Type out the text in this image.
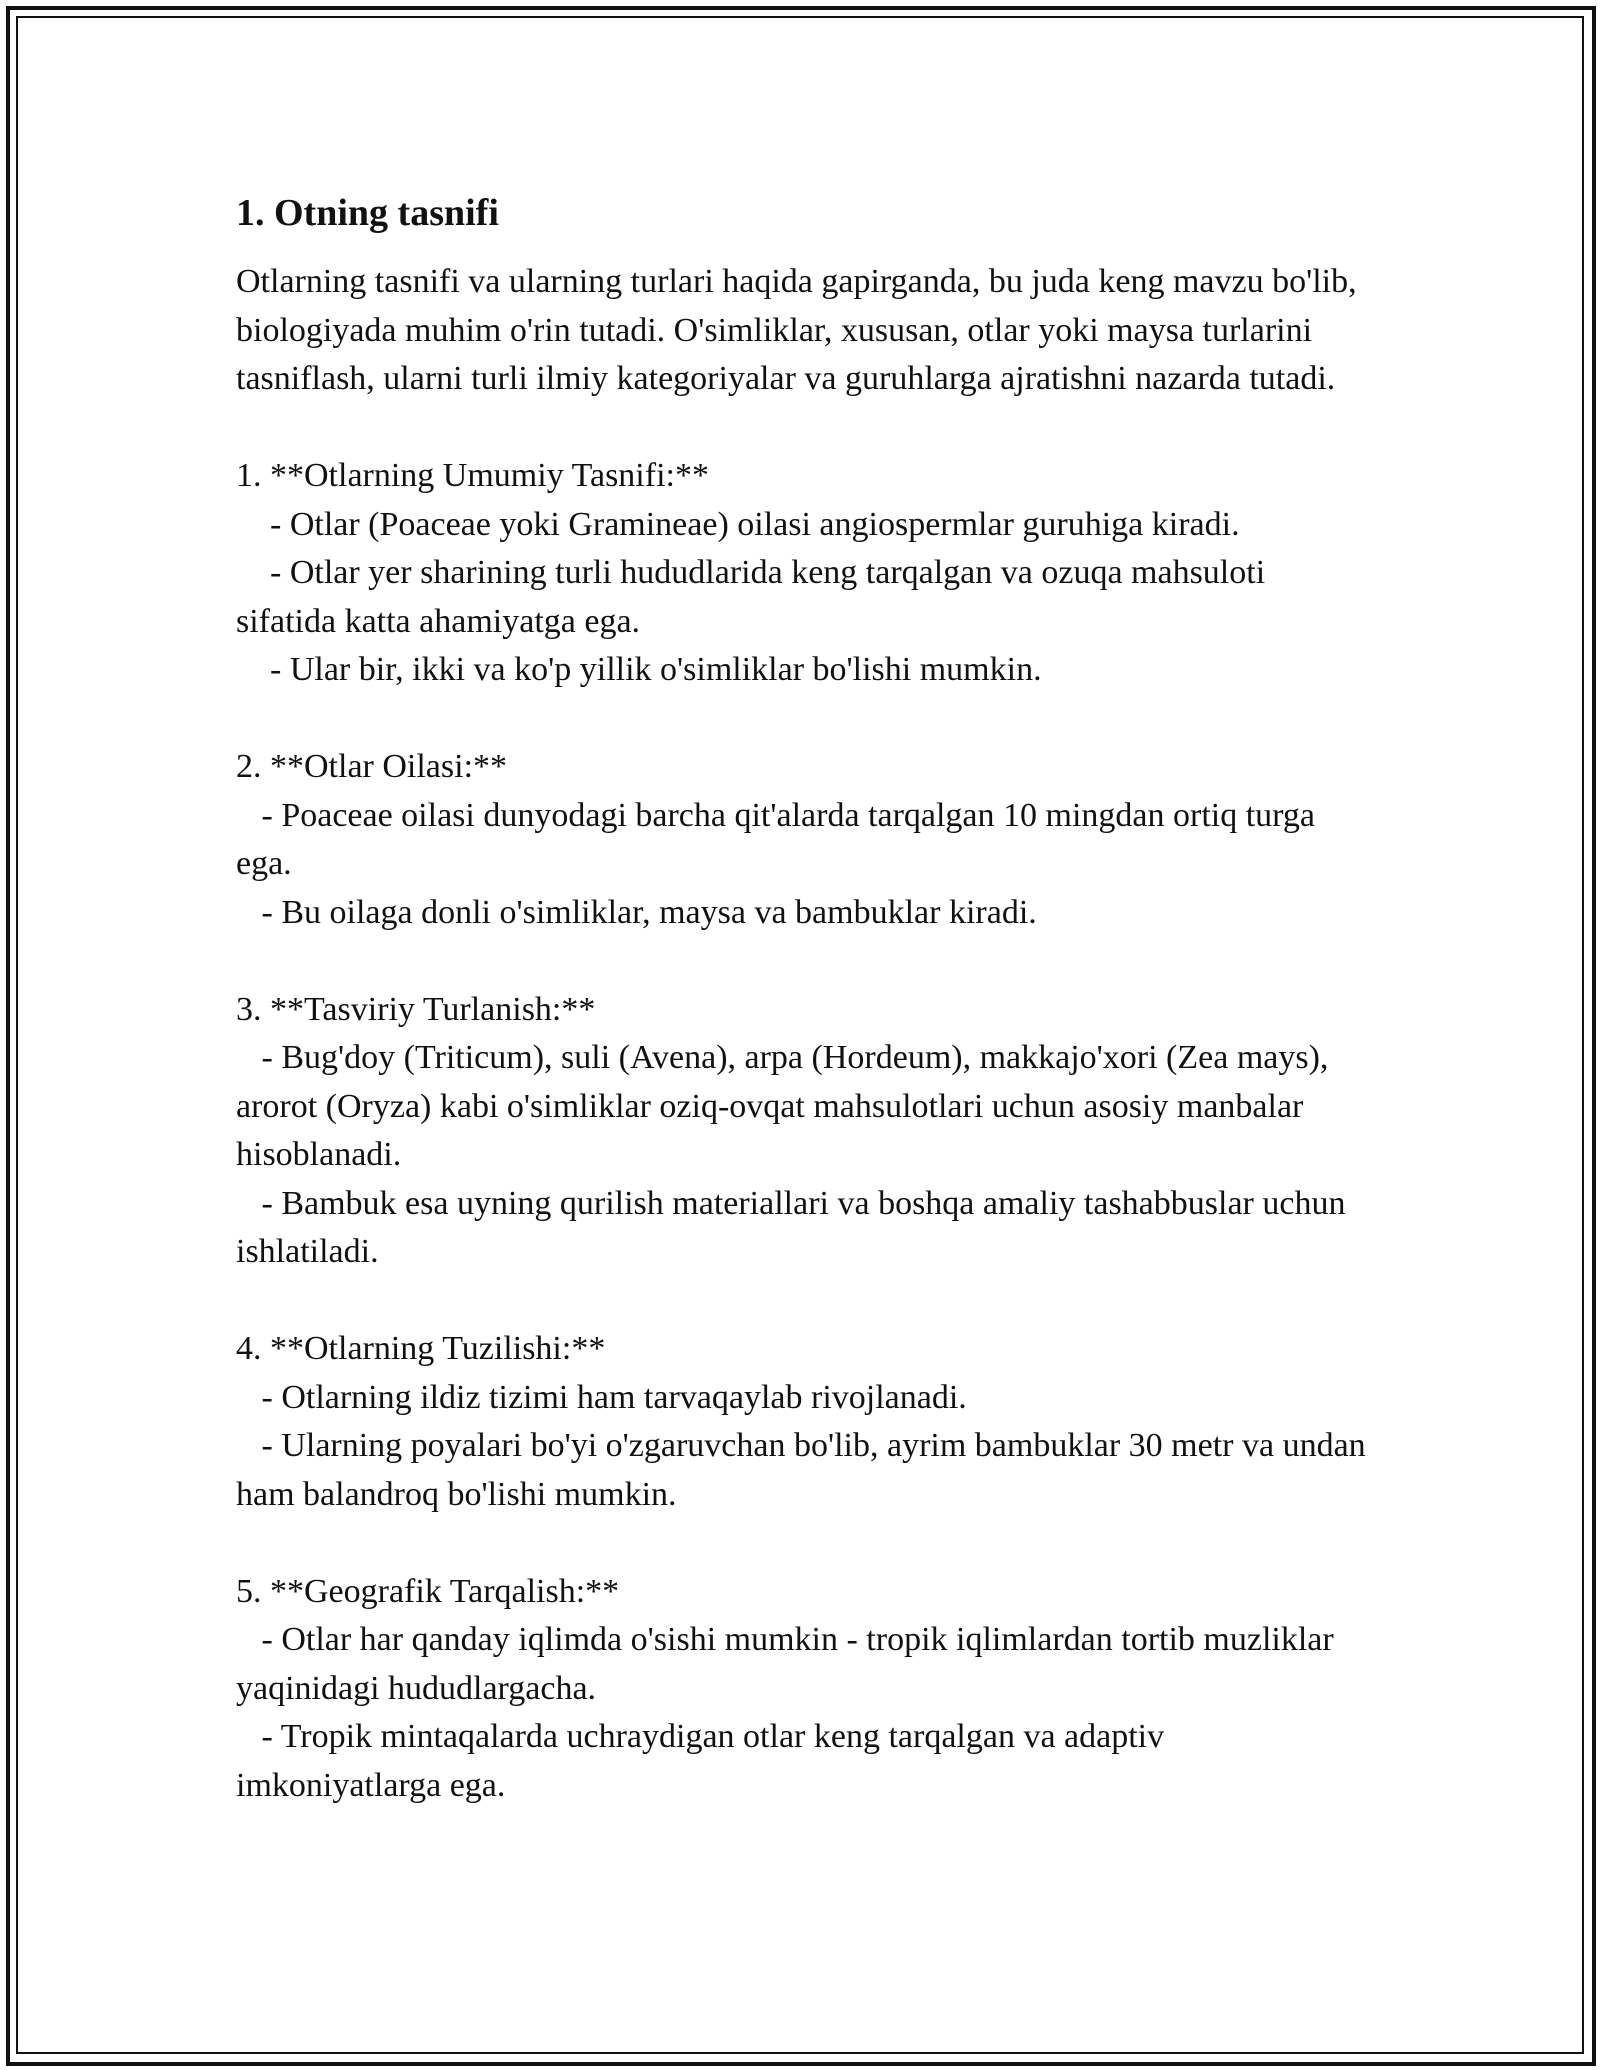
1. Otning tasnifi

Otlarning tasnifi va ularning turlari haqida gapirganda, bu juda keng mavzu bo'lib, biologiyada muhim o'rin tutadi. O'simliklar, xususan, otlar yoki maysa turlarini tasniflash, ularni turli ilmiy kategoriyalar va guruhlarga ajratishni nazarda tutadi.

1. **Otlarning Umumiy Tasnifi:**

- Otlar (Poaceae yoki Gramineae) oilasi angiospermlar guruhiga kiradi.

- Otlar yer sharining turli hududlarida keng tarqalgan va ozuqa mahsuloti sifatida katta ahamiyatga ega.

- Ular bir, ikki va ko'p yillik o'simliklar bo'lishi mumkin.

2. **Otlar Oilasi:**

- Poaceae oilasi dunyodagi barcha qit'alarda tarqalgan 10 mingdan ortiq turga ega.

- Bu oilaga donli o'simliklar, maysa va bambuklar kiradi.

3. **Tasviriy Turlanish:**

- Bug'doy (Triticum), suli (Avena), arpa (Hordeum), makkajo'xori (Zea mays), arorot (Oryza) kabi o'simliklar oziq-ovqat mahsulotlari uchun asosiy manbalar hisoblanadi.

- Bambuk esa uyning qurilish materiallari va boshqa amaliy tashabbuslar uchun ishlatiladi.

4. **Otlarning Tuzilishi:**

- Otlarning ildiz tizimi ham tarvaqaylab rivojlanadi.

- Ularning poyalari bo'yi o'zgaruvchan bo'lib, ayrim bambuklar 30 metr va undan ham balandroq bo'lishi mumkin.

5. **Geografik Tarqalish:**

- Otlar har qanday iqlimda o'sishi mumkin - tropik iqlimlardan tortib muzliklar yaqinidagi hududlargacha.

- Tropik mintaqalarda uchraydigan otlar keng tarqalgan va adaptiv imkoniyatlarga ega.
